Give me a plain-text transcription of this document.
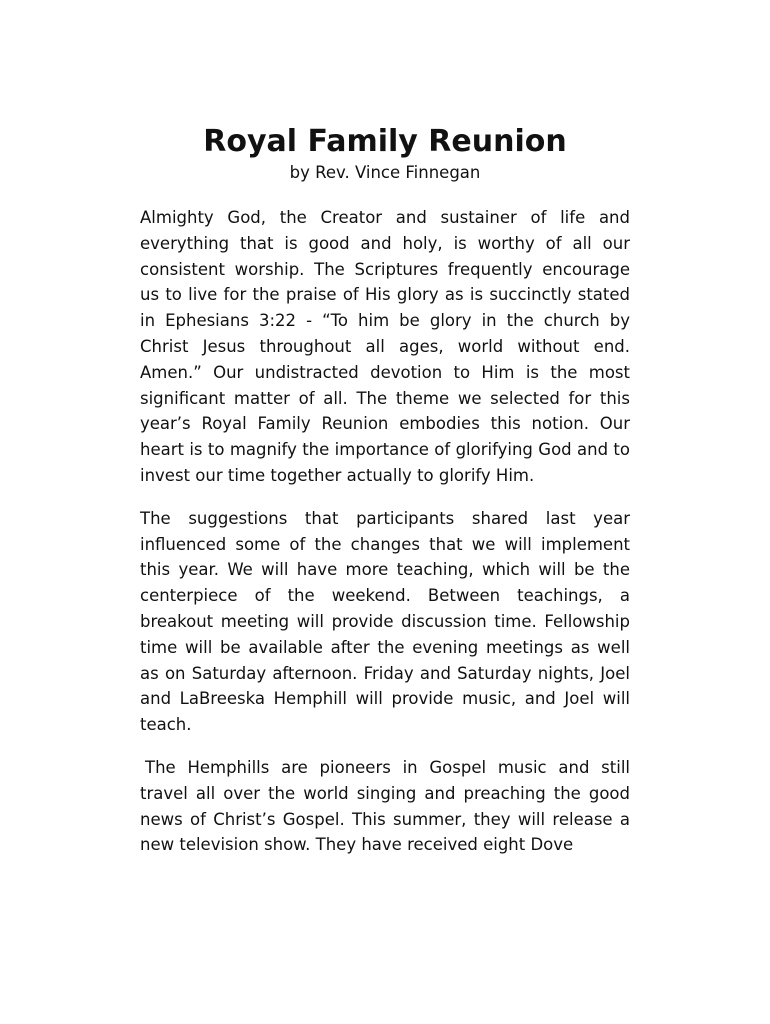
Royal Family Reunion

by Rev. Vince Finnegan

Almighty God, the Creator and sustainer of life and everything that is good and holy, is worthy of all our consistent worship. The Scriptures frequently encourage us to live for the praise of His glory as is succinctly stated in Ephesians 3:22 - “To him be glory in the church by Christ Jesus throughout all ages, world without end. Amen.” Our undistracted devotion to Him is the most significant matter of all. The theme we selected for this year’s Royal Family Reunion embodies this notion. Our heart is to magnify the importance of glorifying God and to invest our time together actually to glorify Him.

The suggestions that participants shared last year influenced some of the changes that we will implement this year. We will have more teaching, which will be the centerpiece of the weekend. Between teachings, a breakout meeting will provide discussion time. Fellowship time will be available after the evening meetings as well as on Saturday afternoon. Friday and Saturday nights, Joel and LaBreeska Hemphill will provide music, and Joel will teach.

The Hemphills are pioneers in Gospel music and still travel all over the world singing and preaching the good news of Christ’s Gospel. This summer, they will release a new television show. They have received eight Dove
